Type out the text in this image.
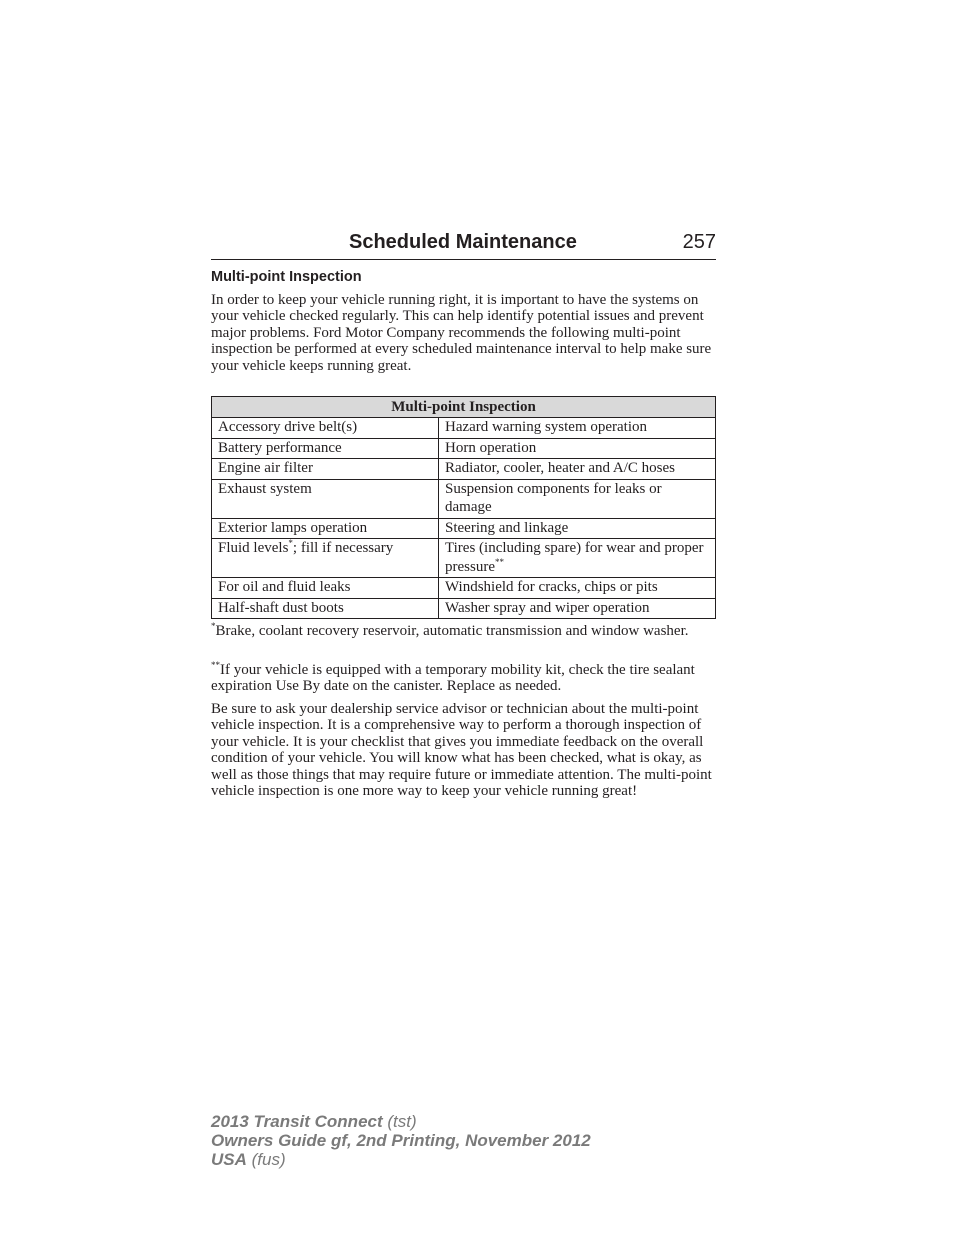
Scheduled Maintenance	257
Multi-point Inspection

In order to keep your vehicle running right, it is important to have the systems on your vehicle checked regularly. This can help identify potential issues and prevent major problems. Ford Motor Company recommends the following multi-point inspection be performed at every scheduled maintenance interval to help make sure your vehicle keeps running great.

Multi-point Inspection	
Accessory drive belt(s)	Hazard warning system operation
Battery performance	Horn operation
Engine air filter	Radiator, cooler, heater and A/C hoses
Exhaust system	Suspension components for leaks or damage
Exterior lamps operation	Steering and linkage
Fluid levels*; fill if necessary	Tires (including spare) for wear and proper pressure**
For oil and fluid leaks	Windshield for cracks, chips or pits
Half-shaft dust boots	Washer spray and wiper operation

*Brake, coolant recovery reservoir, automatic transmission and window washer.

**If your vehicle is equipped with a temporary mobility kit, check the tire sealant expiration Use By date on the canister. Replace as needed.

Be sure to ask your dealership service advisor or technician about the multi-point vehicle inspection. It is a comprehensive way to perform a thorough inspection of your vehicle. It is your checklist that gives you immediate feedback on the overall condition of your vehicle. You will know what has been checked, what is okay, as well as those things that may require future or immediate attention. The multi-point vehicle inspection is one more way to keep your vehicle running great!

2013 Transit Connect (tst)
Owners Guide gf, 2nd Printing, November 2012
USA (fus)
